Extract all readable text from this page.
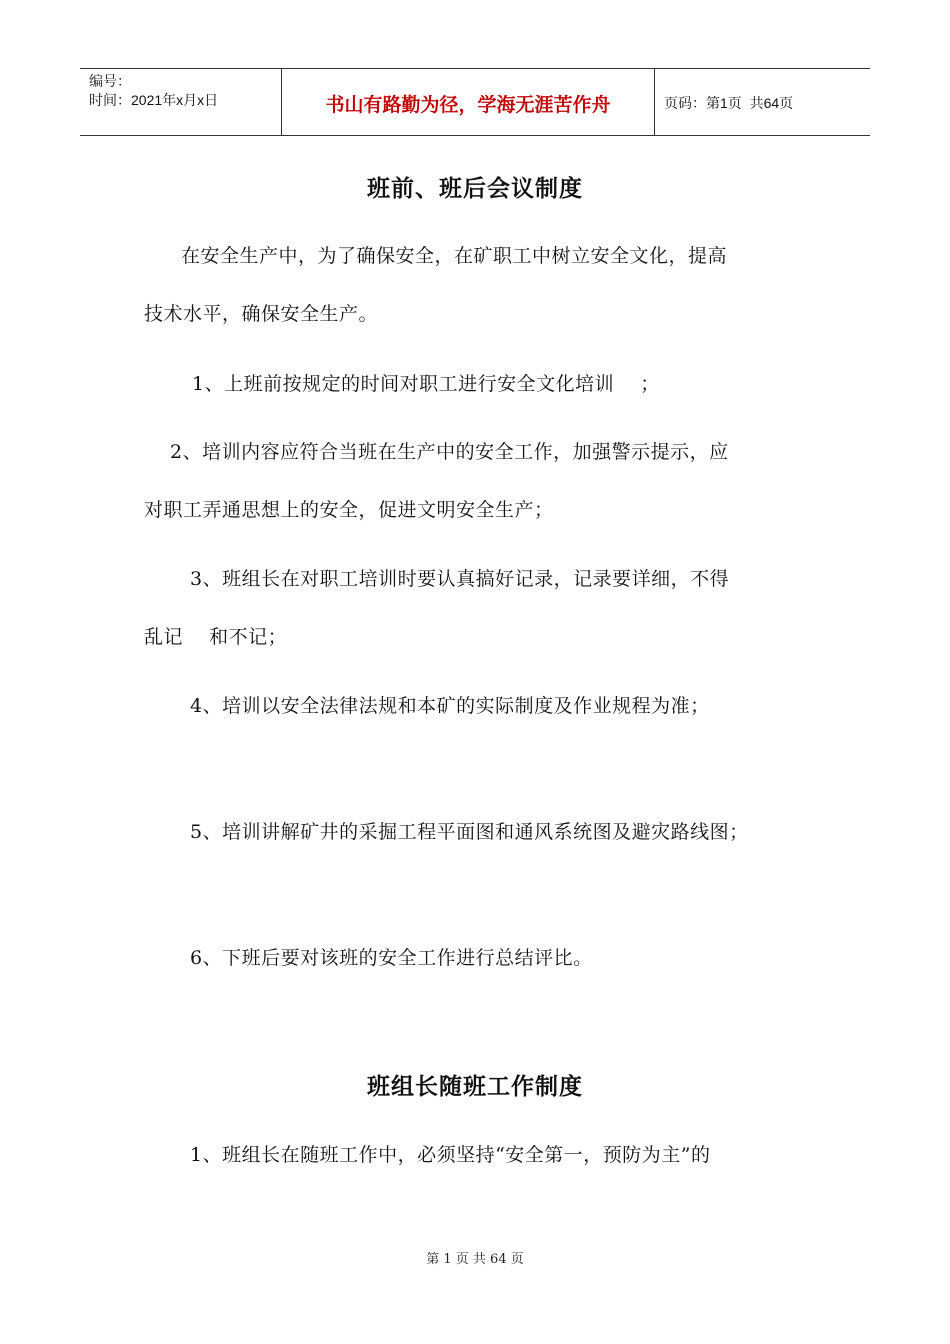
编号：
时间：2021年x月x日	书山有路勤为径，学海无涯苦作舟	页码：第1页  共64页
班前、班后会议制度

在安全生产中，为了确保安全，在矿职工中树立安全文化，提高

技术水平，确保安全生产。

1、上班前按规定的时间对职工进行安全文化培训    ；

2、培训内容应符合当班在生产中的安全工作，加强警示提示，应

对职工弄通思想上的安全，促进文明安全生产；

3、班组长在对职工培训时要认真搞好记录，记录要详细，不得

乱记    和不记；

4、培训以安全法律法规和本矿的实际制度及作业规程为准；

5、培训讲解矿井的采掘工程平面图和通风系统图及避灾路线图；

6、下班后要对该班的安全工作进行总结评比。

班组长随班工作制度

1、班组长在随班工作中，必须坚持“安全第一，预防为主”的

第 1 页 共 64 页
